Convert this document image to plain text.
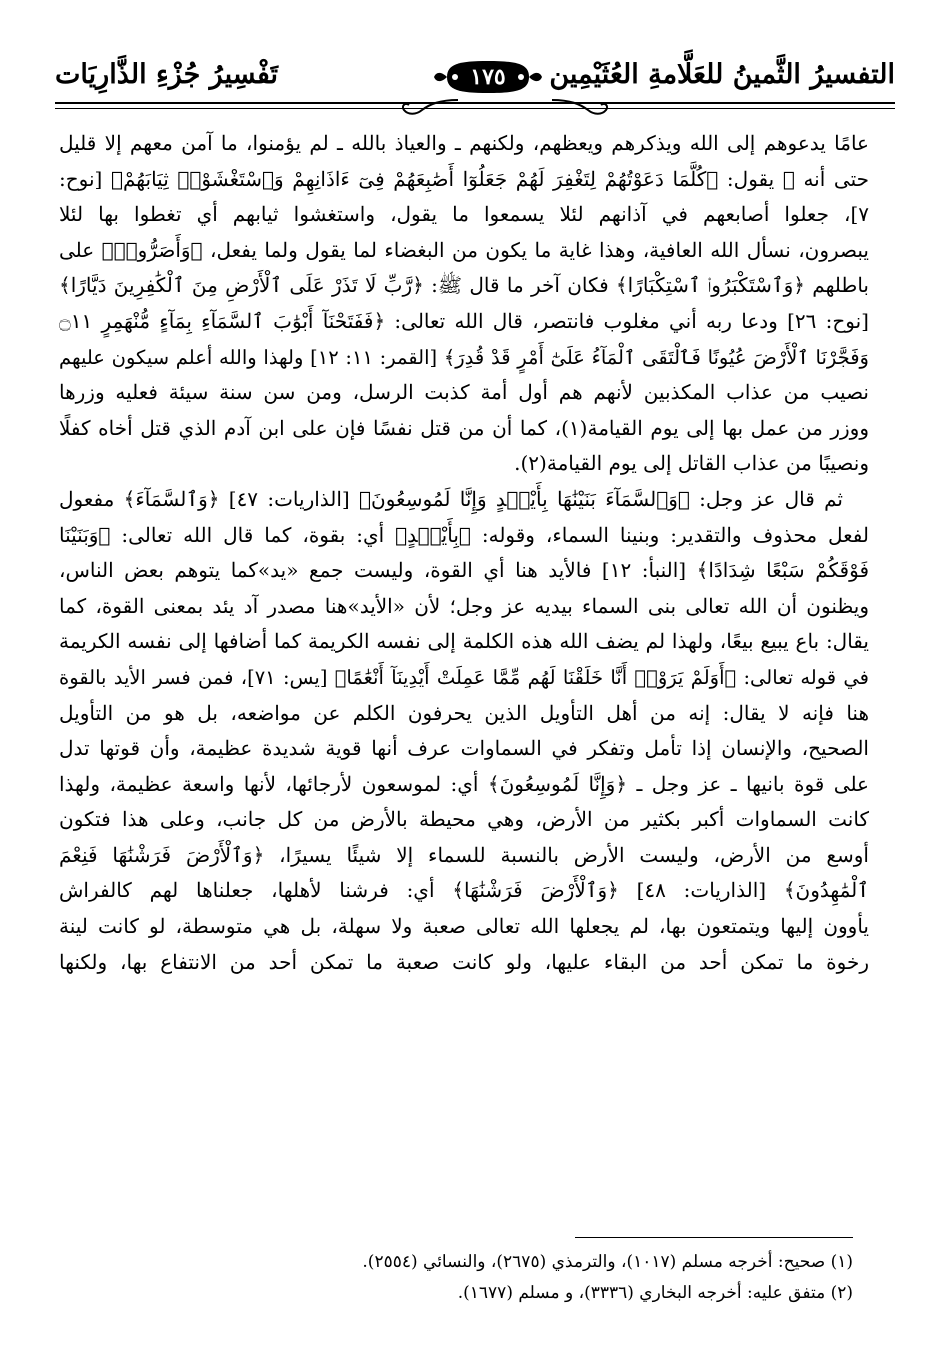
التفسيرُ الثَّمينُ للعَلَّامةِ العُثَيْمِين
١٧٥
تَفْسِيرُ جُزْءِ الذَّارِيَات
عامًا يدعوهم إلى الله ويذكرهم ويعظهم، ولكنهم ـ والعياذ بالله ـ لم يؤمنوا، ما آمن معهم إلا قليل
حتى أنه ﷺ يقول: ﴿كُلَّمَا دَعَوْتُهُمْ لِتَغْفِرَ لَهُمْ جَعَلُوٓا أَصَٰبِعَهُمْ فِىٓ ءَاذَانِهِمْ وَٱسْتَغْشَوْا۟ ثِيَابَهُمْ﴾ [نوح:
٧]، جعلوا أصابعهم في آذانهم لئلا يسمعوا ما يقول، واستغشوا ثيابهم أي تغطوا بها لئلا
يبصرون، نسأل الله العافية، وهذا غاية ما يكون من البغضاء لما يقول ولما يفعل، ﴿وَأَصَرُّوا۟﴾ على
باطلهم ﴿وَٱسْتَكْبَرُوا۟ ٱسْتِكْبَارًا﴾ فكان آخر ما قال ﷺ: ﴿رَّبِّ لَا تَذَرْ عَلَى ٱلْأَرْضِ مِنَ ٱلْكَٰفِرِينَ دَيَّارًا﴾
[نوح: ٢٦] ودعا ربه أني مغلوب فانتصر، قال الله تعالى: ﴿فَفَتَحْنَآ أَبْوَٰبَ ٱلسَّمَآءِ بِمَآءٍ مُّنْهَمِرٍ ۝١١
وَفَجَّرْنَا ٱلْأَرْضَ عُيُونًا فَٱلْتَقَى ٱلْمَآءُ عَلَىٰٓ أَمْرٍ قَدْ قُدِرَ﴾ [القمر: ١١: ١٢] ولهذا والله أعلم سيكون عليهم
نصيب من عذاب المكذبين لأنهم هم أول أمة كذبت الرسل، ومن سن سنة سيئة فعليه وزرها
ووزر من عمل بها إلى يوم القيامة(١)، كما أن من قتل نفسًا فإن على ابن آدم الذي قتل أخاه كفلًا
ونصيبًا من عذاب القاتل إلى يوم القيامة(٢).
ثم قال عز وجل: ﴿وَٱلسَّمَآءَ بَنَيْنَٰهَا بِأَيْي۟دٍ وَإِنَّا لَمُوسِعُونَ﴾ [الذاريات: ٤٧] ﴿وَٱلسَّمَآءَ﴾ مفعول
لفعل محذوف والتقدير: وبنينا السماء، وقوله: ﴿بِأَيْي۟دٍ﴾ أي: بقوة، كما قال الله تعالى: ﴿وَبَنَيْنَا
فَوْقَكُمْ سَبْعًا شِدَادًا﴾ [النبأ: ١٢] فالأيد هنا أي القوة، وليست جمع «يد»كما يتوهم بعض الناس،
ويظنون أن الله تعالى بنى السماء بيديه عز وجل؛ لأن «الأيد»هنا مصدر آد يئد بمعنى القوة، كما
يقال: باع يبيع بيعًا، ولهذا لم يضف الله هذه الكلمة إلى نفسه الكريمة كما أضافها إلى نفسه الكريمة
في قوله تعالى: ﴿أَوَلَمْ يَرَوْا۟ أَنَّا خَلَقْنَا لَهُم مِّمَّا عَمِلَتْ أَيْدِينَآ أَنْعَٰمًا﴾ [يس: ٧١]، فمن فسر الأيد بالقوة
هنا فإنه لا يقال: إنه من أهل التأويل الذين يحرفون الكلم عن مواضعه، بل هو من التأويل
الصحيح، والإنسان إذا تأمل وتفكر في السماوات عرف أنها قوية شديدة عظيمة، وأن قوتها تدل
على قوة بانيها ـ عز وجل ـ ﴿وَإِنَّا لَمُوسِعُونَ﴾ أي: لموسعون لأرجائها، لأنها واسعة عظيمة، ولهذا
كانت السماوات أكبر بكثير من الأرض، وهي محيطة بالأرض من كل جانب، وعلى هذا فتكون
أوسع من الأرض، وليست الأرض بالنسبة للسماء إلا شيئًا يسيرًا، ﴿وَٱلْأَرْضَ فَرَشْنَٰهَا فَنِعْمَ
ٱلْمَٰهِدُونَ﴾ [الذاريات: ٤٨] ﴿وَٱلْأَرْضَ فَرَشْنَٰهَا﴾ أي: فرشنا لأهلها، جعلناها لهم كالفراش
يأوون إليها ويتمتعون بها، لم يجعلها الله تعالى صعبة ولا سهلة، بل هي متوسطة، لو كانت لينة
رخوة ما تمكن أحد من البقاء عليها، ولو كانت صعبة ما تمكن أحد من الانتفاع بها، ولكنها
(١) صحيح: أخرجه مسلم (١٠١٧)، والترمذي (٢٦٧٥)، والنسائي (٢٥٥٤).
(٢) متفق عليه: أخرجه البخاري (٣٣٣٦)، و مسلم (١٦٧٧).
